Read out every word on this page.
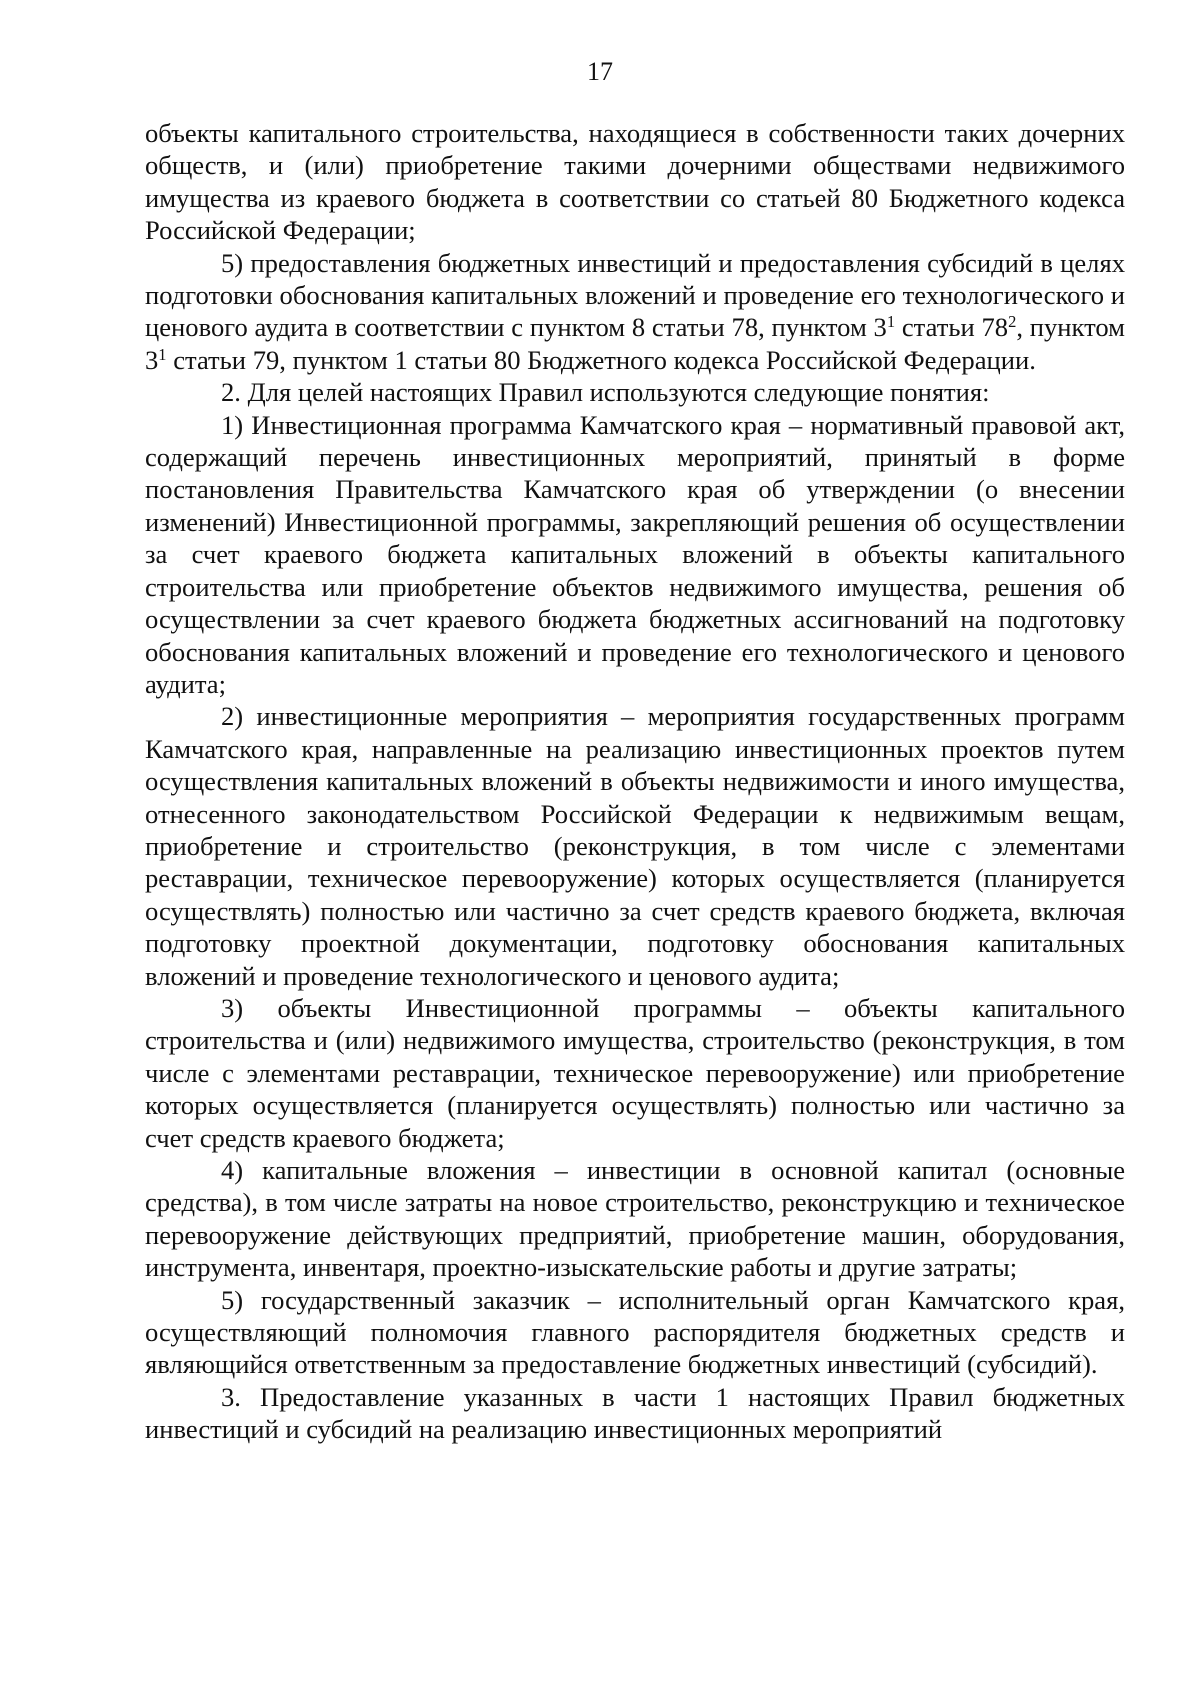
17

объекты капитального строительства, находящиеся в собственности таких дочерних обществ, и (или) приобретение такими дочерними обществами недвижимого имущества из краевого бюджета в соответствии со статьей 80 Бюджетного кодекса Российской Федерации;

5) предоставления бюджетных инвестиций и предоставления субсидий в целях подготовки обоснования капитальных вложений и проведение его технологического и ценового аудита в соответствии с пунктом 8 статьи 78, пунктом $3^1$ статьи $78^2$, пунктом $3^1$ статьи 79, пунктом 1 статьи 80 Бюджетного кодекса Российской Федерации.

2. Для целей настоящих Правил используются следующие понятия:

1) Инвестиционная программа Камчатского края – нормативный правовой акт, содержащий перечень инвестиционных мероприятий, принятый в форме постановления Правительства Камчатского края об утверждении (о внесении изменений) Инвестиционной программы, закрепляющий решения об осуществлении за счет краевого бюджета капитальных вложений в объекты капитального строительства или приобретение объектов недвижимого имущества, решения об осуществлении за счет краевого бюджета бюджетных ассигнований на подготовку обоснования капитальных вложений и проведение его технологического и ценового аудита;

2) инвестиционные мероприятия – мероприятия государственных программ Камчатского края, направленные на реализацию инвестиционных проектов путем осуществления капитальных вложений в объекты недвижимости и иного имущества, отнесенного законодательством Российской Федерации к недвижимым вещам, приобретение и строительство (реконструкция, в том числе с элементами реставрации, техническое перевооружение) которых осуществляется (планируется осуществлять) полностью или частично за счет средств краевого бюджета, включая подготовку проектной документации, подготовку обоснования капитальных вложений и проведение технологического и ценового аудита;

3) объекты Инвестиционной программы – объекты капитального строительства и (или) недвижимого имущества, строительство (реконструкция, в том числе с элементами реставрации, техническое перевооружение) или приобретение которых осуществляется (планируется осуществлять) полностью или частично за счет средств краевого бюджета;

4) капитальные вложения – инвестиции в основной капитал (основные средства), в том числе затраты на новое строительство, реконструкцию и техническое перевооружение действующих предприятий, приобретение машин, оборудования, инструмента, инвентаря, проектно-изыскательские работы и другие затраты;

5) государственный заказчик – исполнительный орган Камчатского края, осуществляющий полномочия главного распорядителя бюджетных средств и являющийся ответственным за предоставление бюджетных инвестиций (субсидий).

3. Предоставление указанных в части 1 настоящих Правил бюджетных инвестиций и субсидий на реализацию инвестиционных мероприятий
